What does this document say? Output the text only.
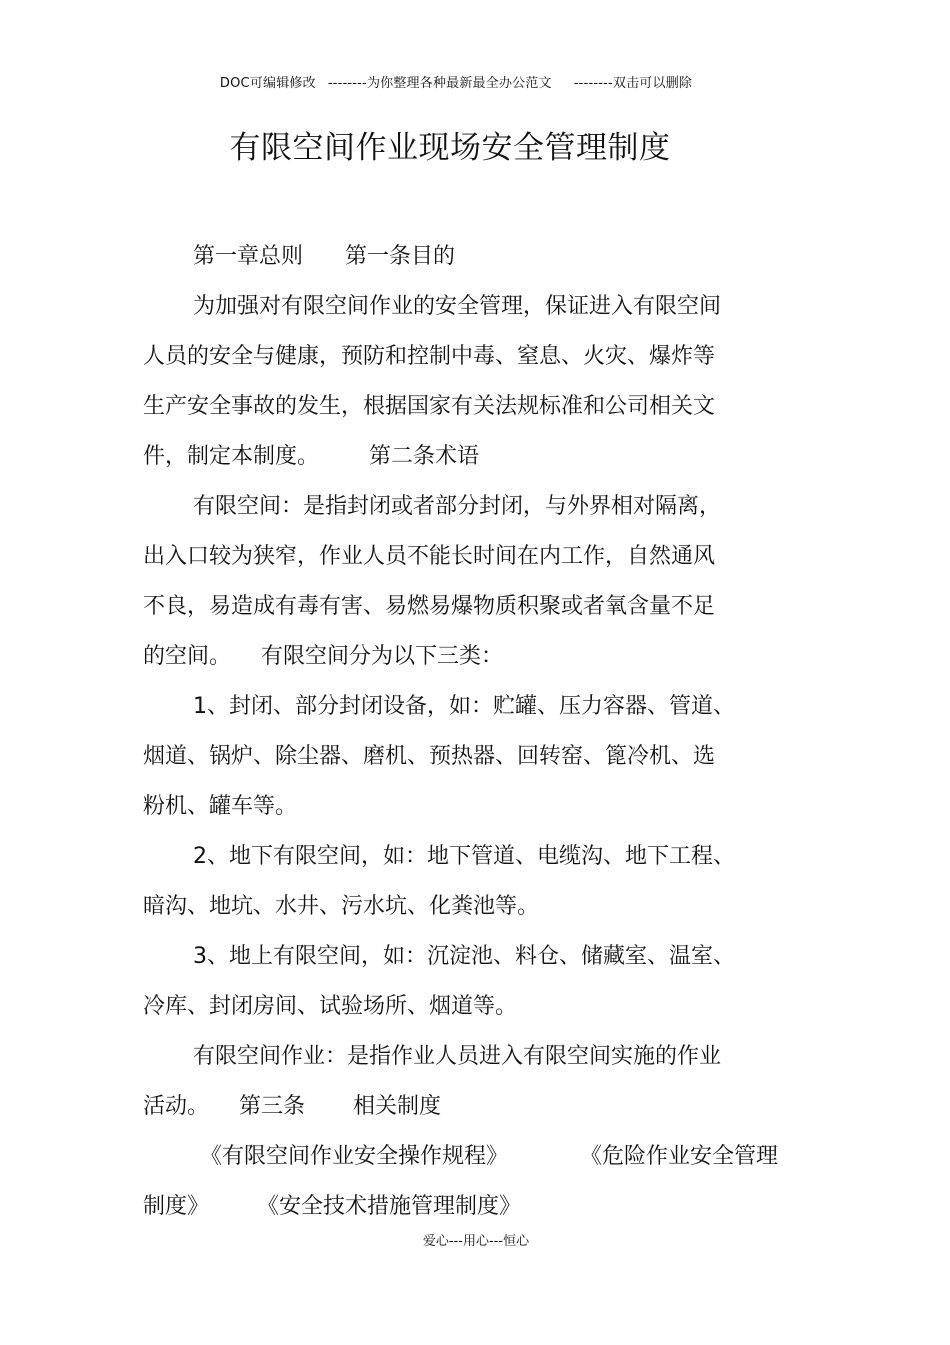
DOC可编辑修改 --------为你整理各种最新最全办公范文 --------双击可以删除
有限空间作业现场安全管理制度
第一章总则 第一条目的
为加强对有限空间作业的安全管理，保证进入有限空间
人员的安全与健康，预防和控制中毒、窒息、火灾、爆炸等
生产安全事故的发生，根据国家有关法规标准和公司相关文
件，制定本制度。 第二条术语
有限空间：是指封闭或者部分封闭，与外界相对隔离，
出入口较为狭窄，作业人员不能长时间在内工作，自然通风
不良，易造成有毒有害、易燃易爆物质积聚或者氧含量不足
的空间。 有限空间分为以下三类：
1、封闭、部分封闭设备，如：贮罐、压力容器、管道、
烟道、锅炉、除尘器、磨机、预热器、回转窑、篦冷机、选
粉机、罐车等。
2、地下有限空间，如：地下管道、电缆沟、地下工程、
暗沟、地坑、水井、污水坑、化粪池等。
3、地上有限空间，如：沉淀池、料仓、储藏室、温室、
冷库、封闭房间、试验场所、烟道等。
有限空间作业：是指作业人员进入有限空间实施的作业
活动。 第三条 相关制度
《有限空间作业安全操作规程》	《危险作业安全管理
制度》 《安全技术措施管理制度》
爱心---用心---恒心
